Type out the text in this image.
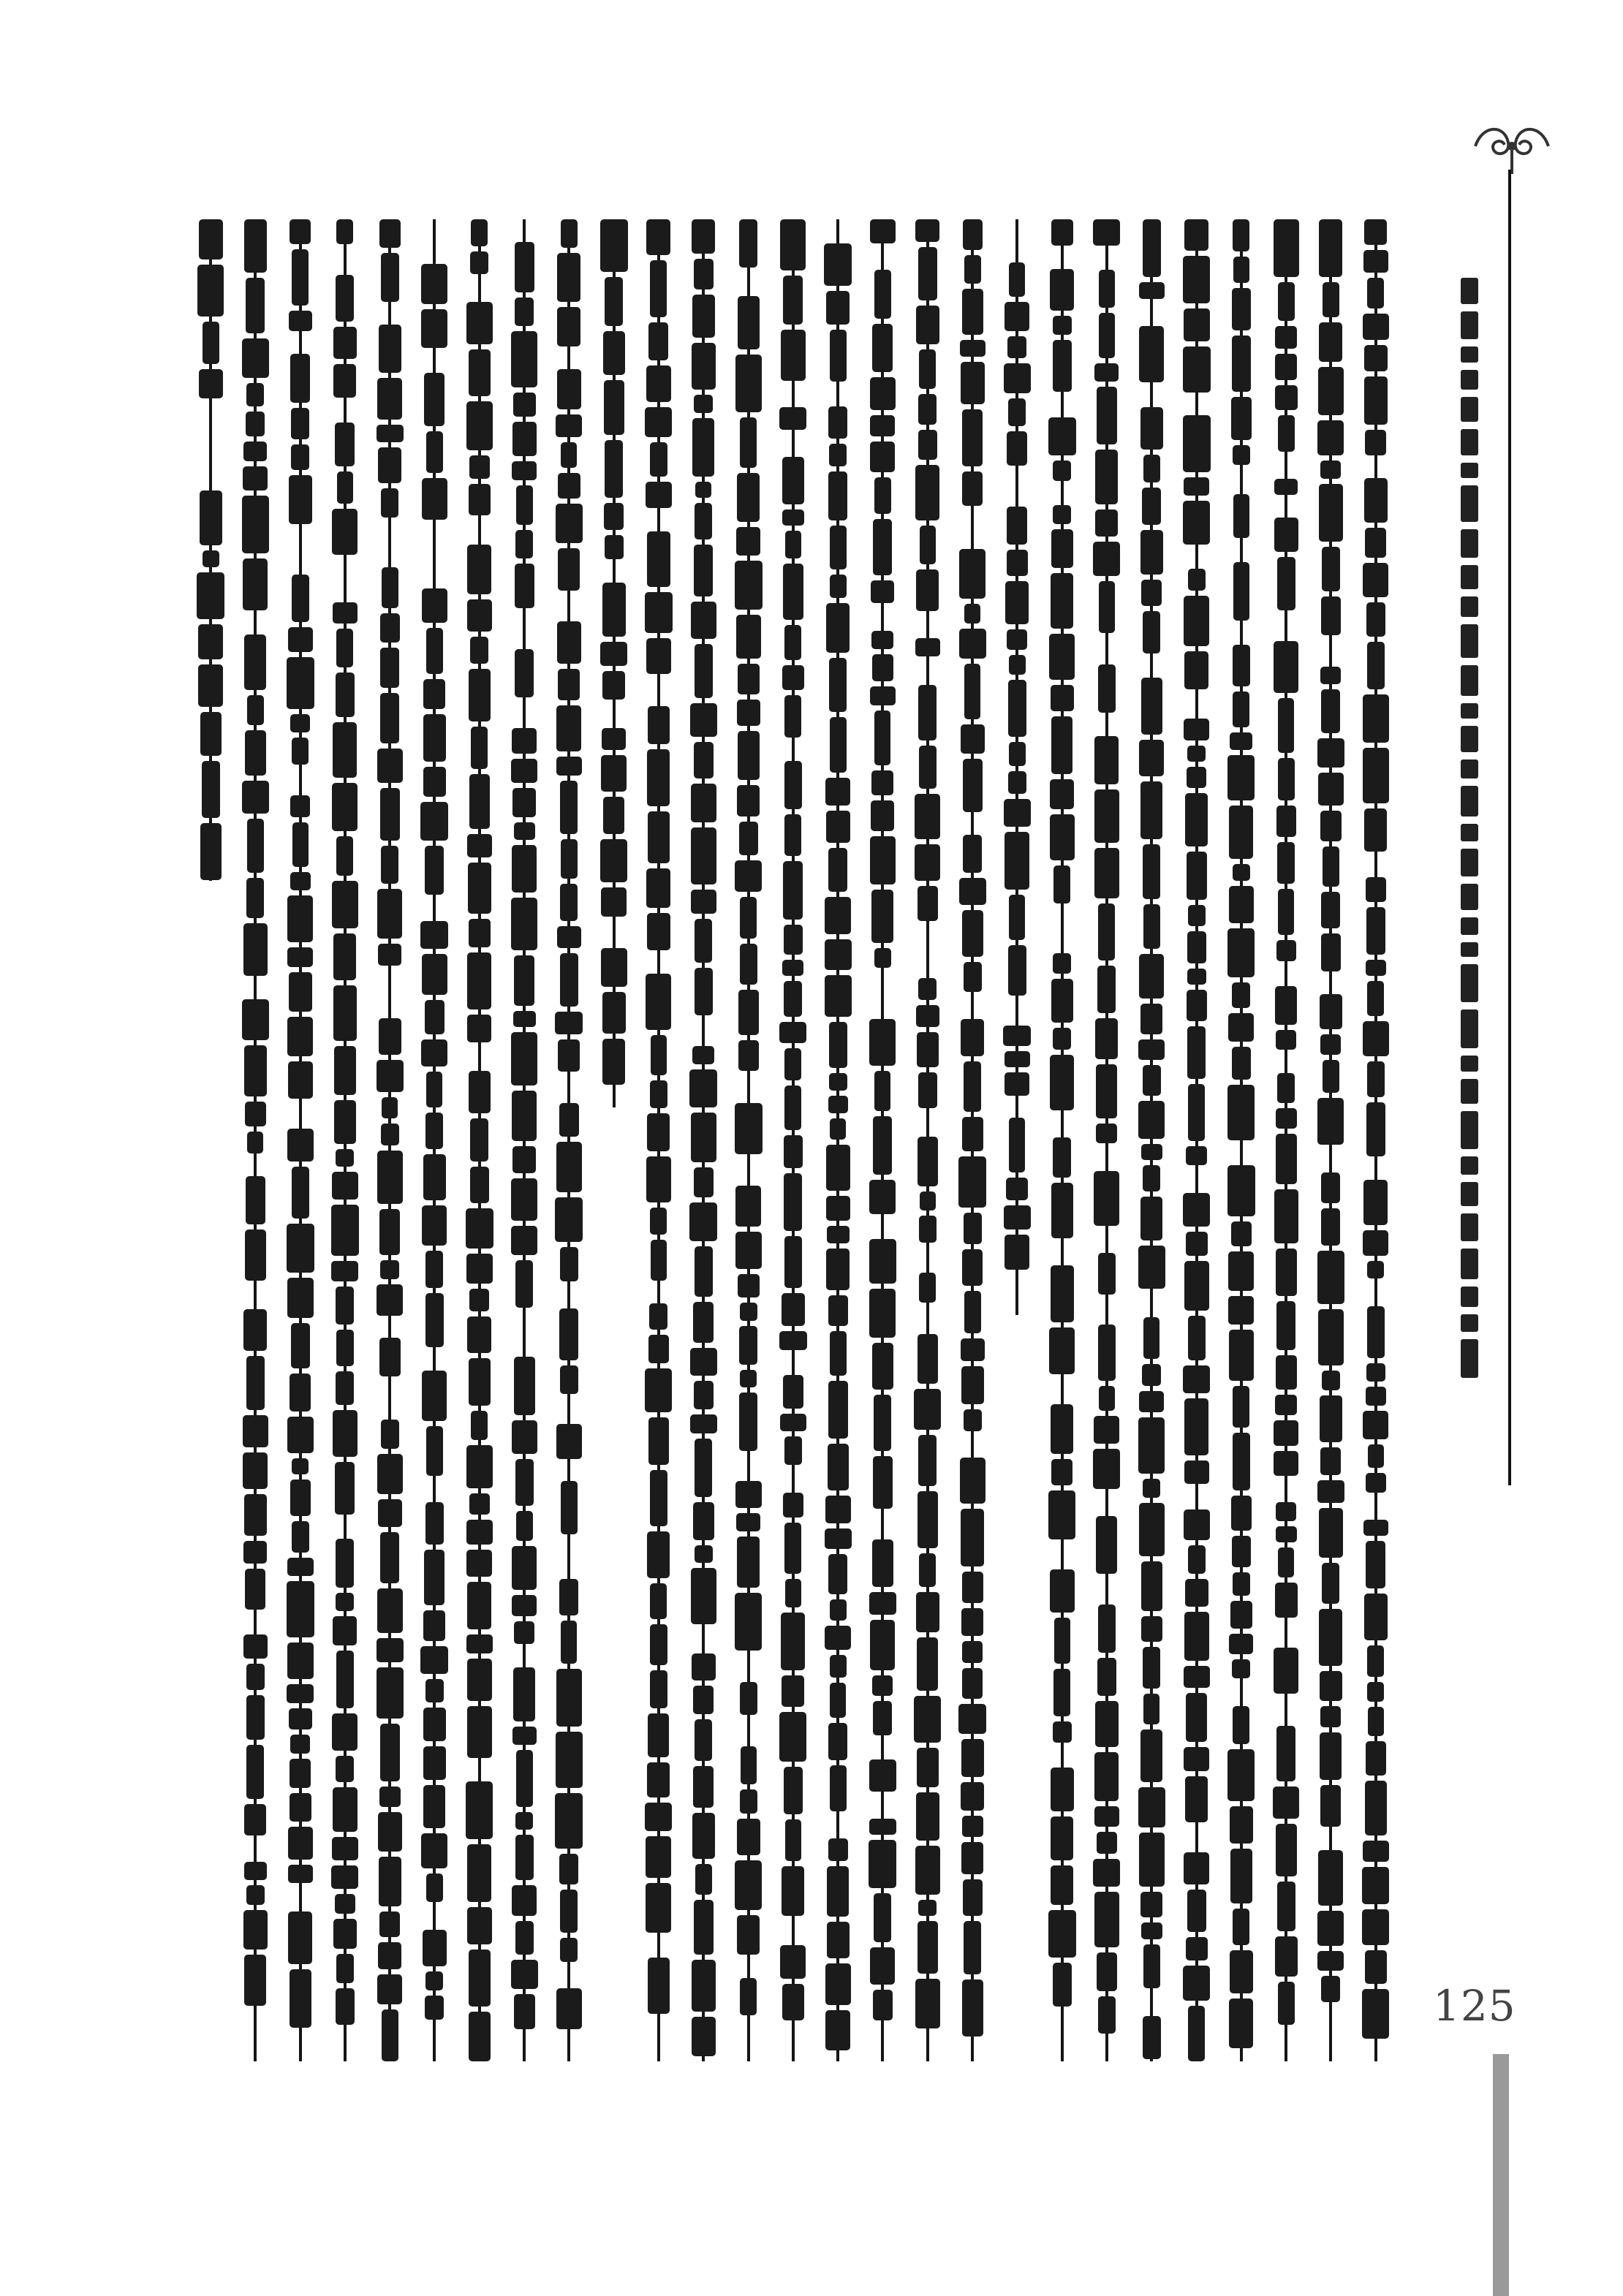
125
